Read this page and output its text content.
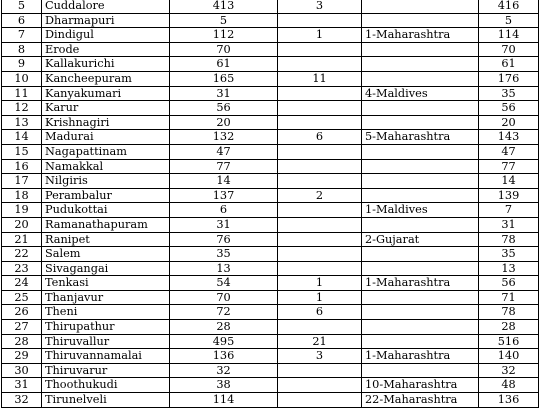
5	Cuddalore	413	3		416
6	Dharmapuri	5			5
7	Dindigul	112	1	1-Maharashtra	114
8	Erode	70			70
9	Kallakurichi	61			61
10	Kancheepuram	165	11		176
11	Kanyakumari	31		4-Maldives	35
12	Karur	56			56
13	Krishnagiri	20			20
14	Madurai	132	6	5-Maharashtra	143
15	Nagapattinam	47			47
16	Namakkal	77			77
17	Nilgiris	14			14
18	Perambalur	137	2		139
19	Pudukottai	6		1-Maldives	7
20	Ramanathapuram	31			31
21	Ranipet	76		2-Gujarat	78
22	Salem	35			35
23	Sivagangai	13			13
24	Tenkasi	54	1	1-Maharashtra	56
25	Thanjavur	70	1		71
26	Theni	72	6		78
27	Thirupathur	28			28
28	Thiruvallur	495	21		516
29	Thiruvannamalai	136	3	1-Maharashtra	140
30	Thiruvarur	32			32
31	Thoothukudi	38		10-Maharashtra	48
32	Tirunelveli	114		22-Maharashtra	136
